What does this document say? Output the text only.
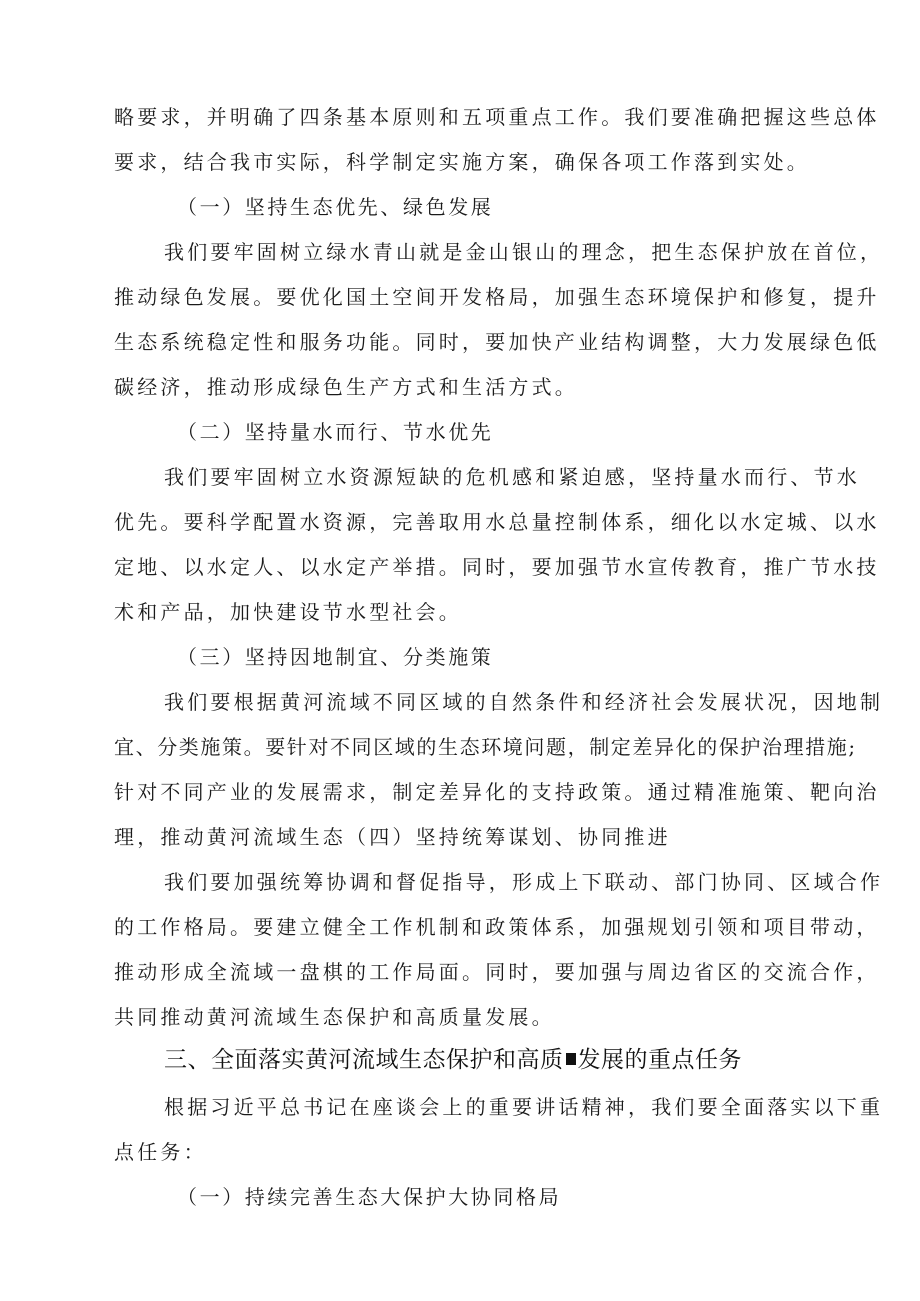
略要求，并明确了四条基本原则和五项重点工作。我们要准确把握这些总体
要求，结合我市实际，科学制定实施方案，确保各项工作落到实处。
（一）坚持生态优先、绿色发展
我们要牢固树立绿水青山就是金山银山的理念，把生态保护放在首位，
推动绿色发展。要优化国土空间开发格局，加强生态环境保护和修复，提升
生态系统稳定性和服务功能。同时，要加快产业结构调整，大力发展绿色低
碳经济，推动形成绿色生产方式和生活方式。
（二）坚持量水而行、节水优先
我们要牢固树立水资源短缺的危机感和紧迫感，坚持量水而行、节水
优先。要科学配置水资源，完善取用水总量控制体系，细化以水定城、以水
定地、以水定人、以水定产举措。同时，要加强节水宣传教育，推广节水技
术和产品，加快建设节水型社会。
（三）坚持因地制宜、分类施策
我们要根据黄河流域不同区域的自然条件和经济社会发展状况，因地制
宜、分类施策。要针对不同区域的生态环境问题，制定差异化的保护治理措施;
针对不同产业的发展需求，制定差异化的支持政策。通过精准施策、靶向治
理，推动黄河流域生态（四）坚持统筹谋划、协同推进
我们要加强统筹协调和督促指导，形成上下联动、部门协同、区域合作
的工作格局。要建立健全工作机制和政策体系，加强规划引领和项目带动，
推动形成全流域一盘棋的工作局面。同时，要加强与周边省区的交流合作，
共同推动黄河流域生态保护和高质量发展。
三、全面落实黄河流域生态保护和高质 发展的重点任务
根据习近平总书记在座谈会上的重要讲话精神，我们要全面落实以下重
点任务：
（一）持续完善生态大保护大协同格局
